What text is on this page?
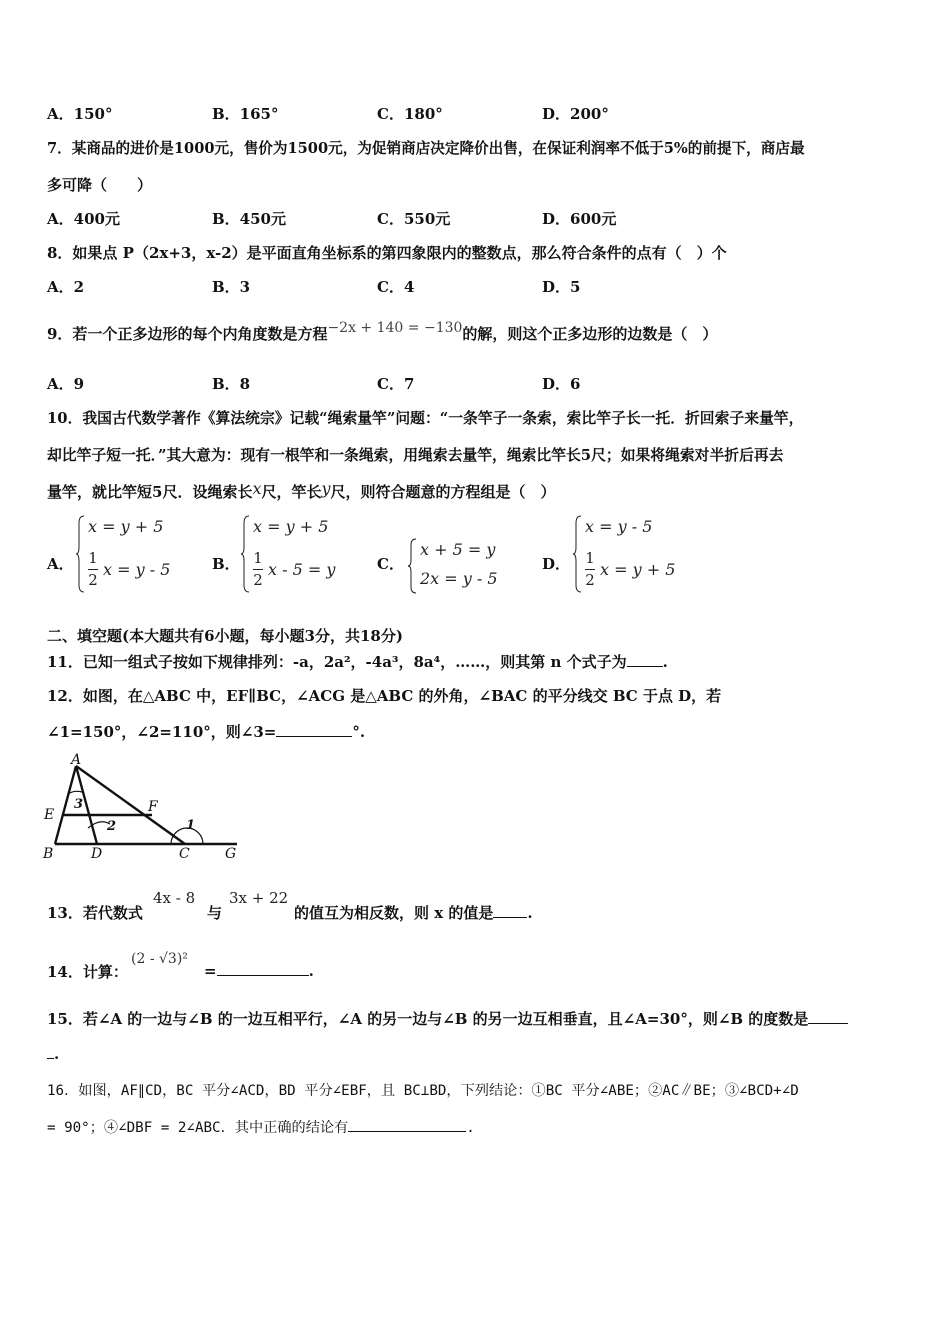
A．150°	B．165°	C．180°	D．200°
7．某商品的进价是1000元，售价为1500元，为促销商店决定降价出售，在保证利润率不低于5%的前提下，商店最
多可降（　　）
A．400元	B．450元	C．550元	D．600元
8．如果点 P（2x+3，x-2）是平面直角坐标系的第四象限内的整数点，那么符合条件的点有（　）个
A．2	B．3	C．4	D．5
9．若一个正多边形的每个内角度数是方程−2x + 140 = −130的解，则这个正多边形的边数是（　）
A．9	B．8	C．7	D．6
10．我国古代数学著作《算法统宗》记载“绳索量竿”问题：“一条竿子一条索，索比竿子长一托．折回索子来量竿，
却比竿子短一托．”其大意为：现有一根竿和一条绳索，用绳索去量竿，绳索比竿长5尺；如果将绳索对半折后再去
量竿，就比竿短5尺．设绳索长x尺，竿长y尺，则符合题意的方程组是（　）
A．
x = y + 5
1
2
x = y - 5	B．
x = y + 5
1
2
x - 5 = y	C．
x + 5 = y
2x = y - 5
D．
x = y - 5
1
2
x = y + 5
二、填空题(本大题共有6小题，每小题3分，共18分)
11．已知一组式子按如下规律排列：-a，2a²，-4a³，8a⁴，……，则其第 n 个式子为 .
12．如图，在△ABC 中，EF∥BC，∠ACG 是△ABC 的外角，∠BAC 的平分线交 BC 于点 D，若
∠1=150°，∠2=110°，则∠3=	°.
A
E	F
B	D	C	G
3
2	1
13．若代数式
4x - 8
与
3x + 22
的值互为相反数，则 x 的值是 .
14．计算：
(2 - √3)²
=	.
15．若∠A 的一边与∠B 的一边互相平行，∠A 的另一边与∠B 的另一边互相垂直，且∠A=30°，则∠B 的度数是
.
16．如图，AF∥CD，BC 平分∠ACD，BD 平分∠EBF，且 BC⊥BD，下列结论：①BC 平分∠ABE；②AC∥BE；③∠BCD+∠D
= 90°；④∠DBF = 2∠ABC．其中正确的结论有	.
